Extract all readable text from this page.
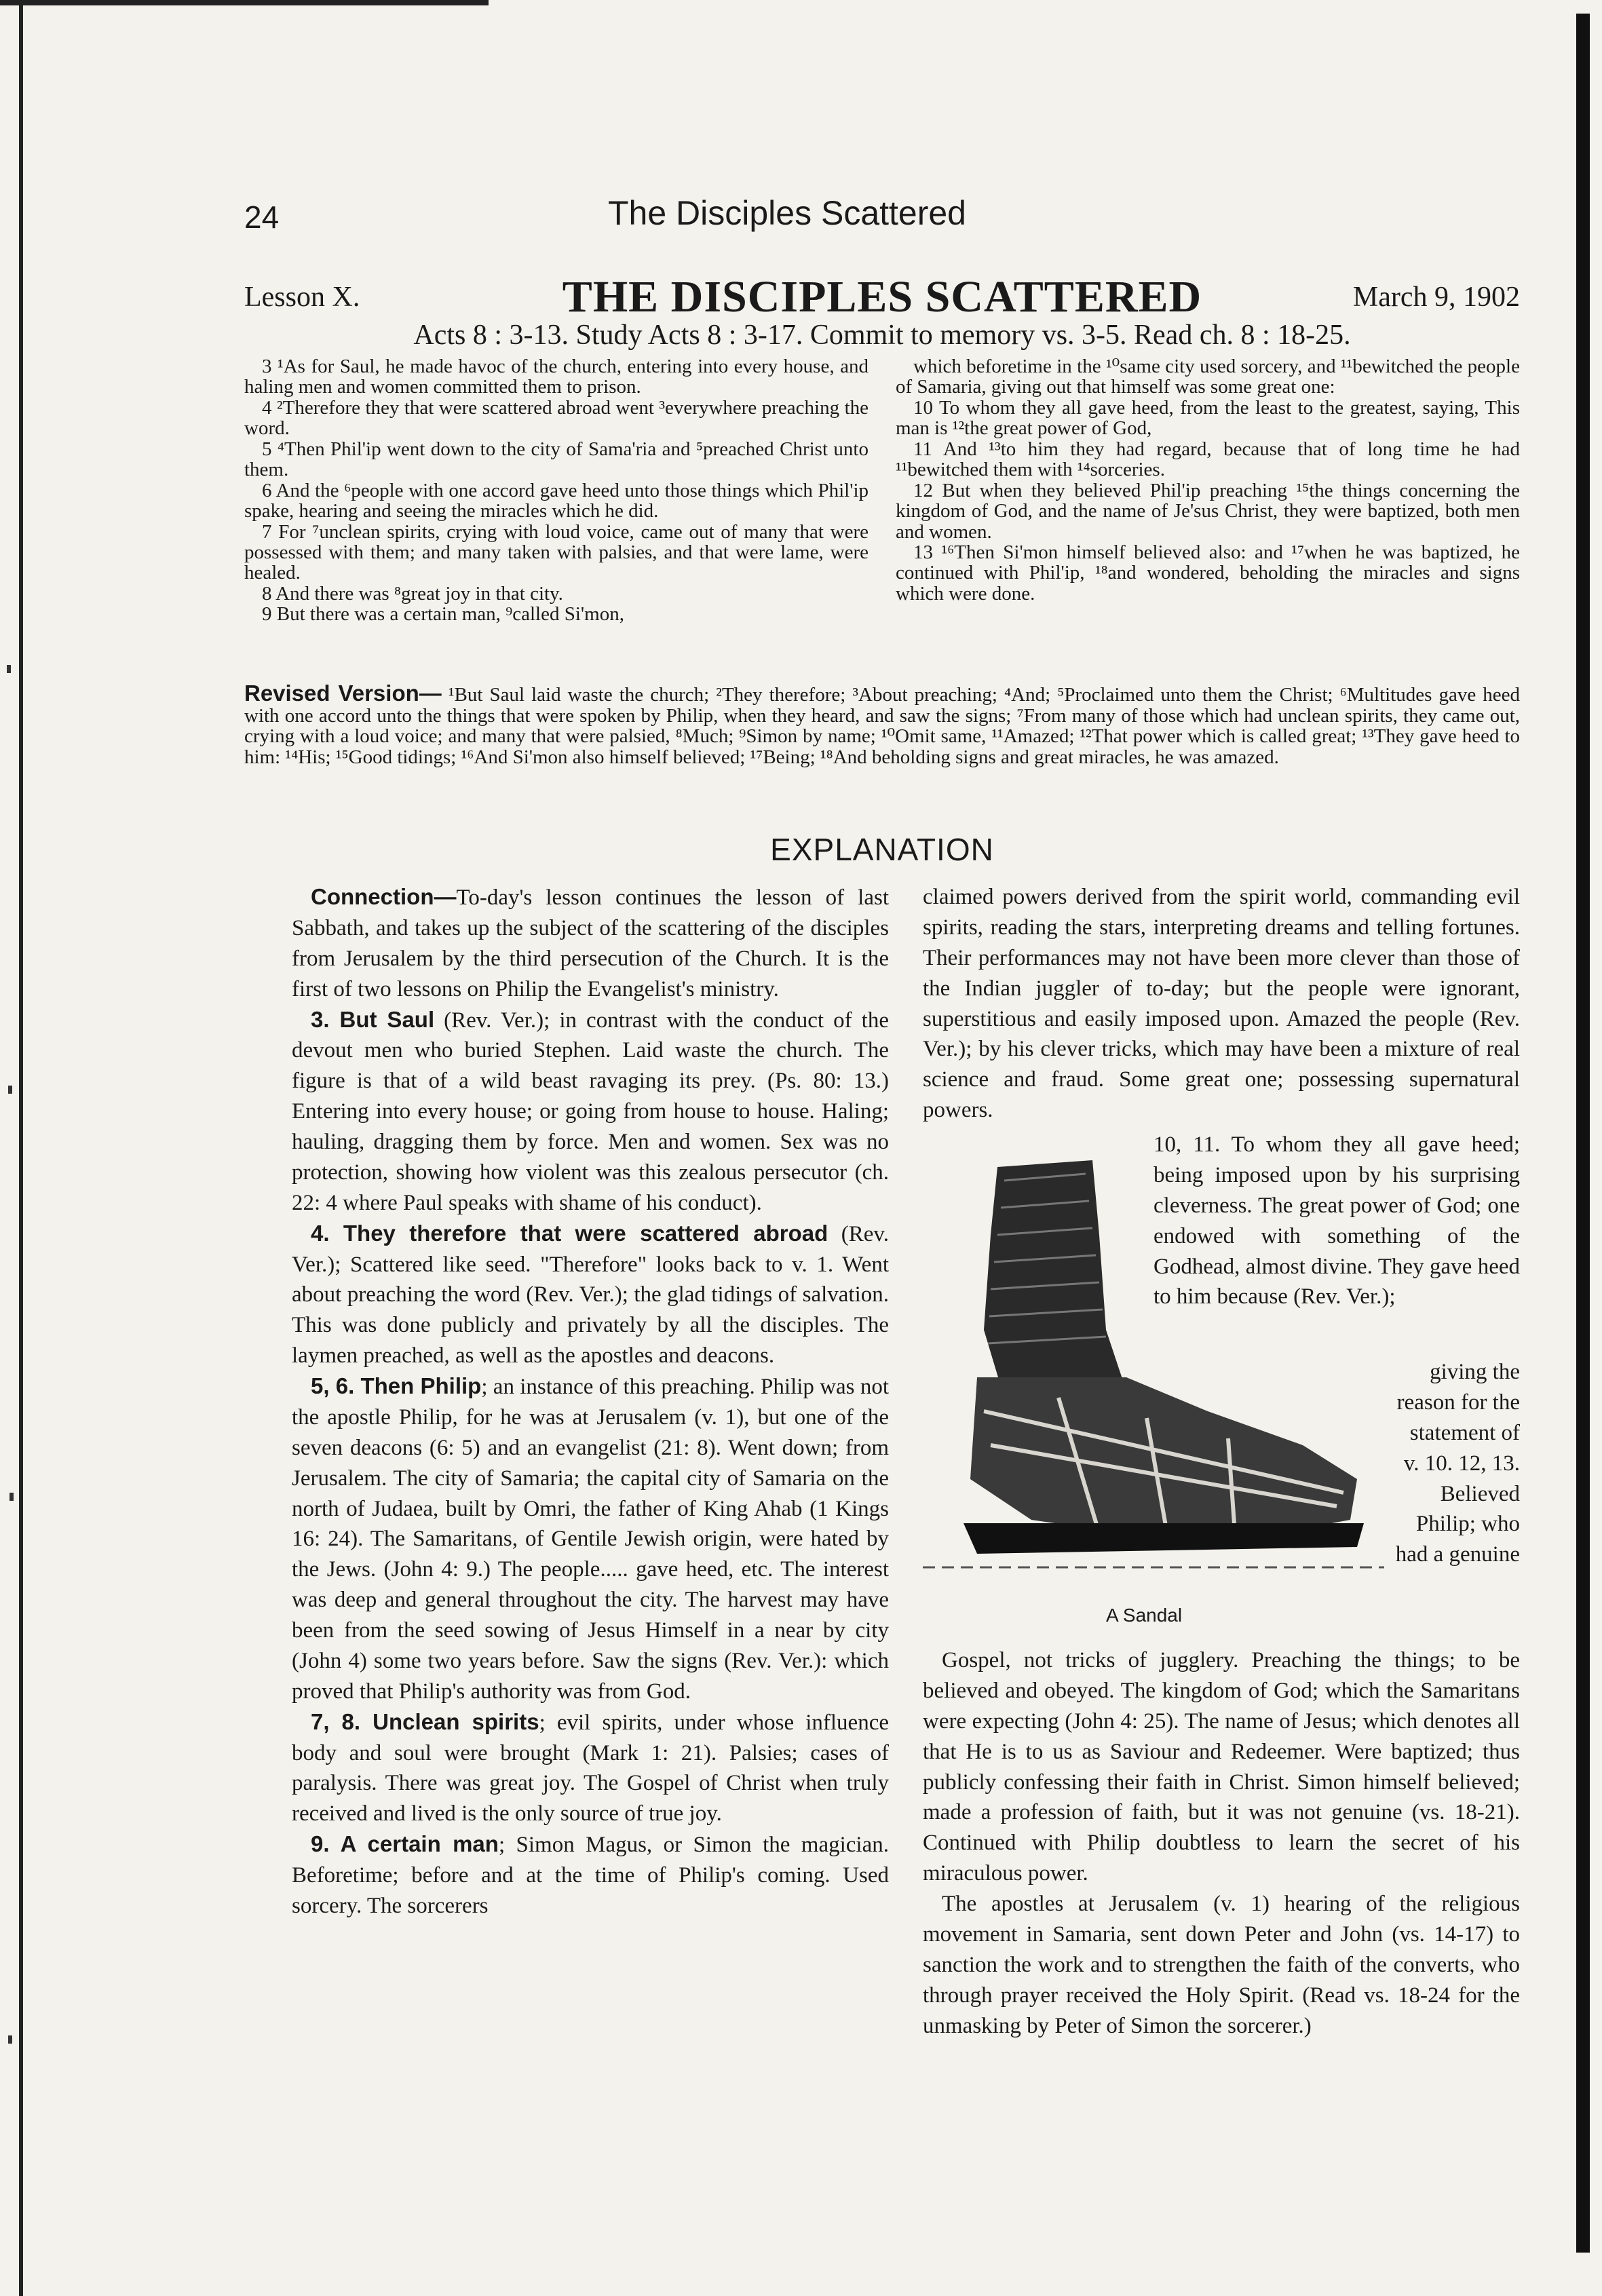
24	The Disciples Scattered
Lesson X.	THE DISCIPLES SCATTERED	March 9, 1902
Acts 8 : 3-13. Study Acts 8 : 3-17. Commit to memory vs. 3-5. Read ch. 8 : 18-25.

3 ¹As for Saul, he made havoc of the church, entering into every house, and haling men and women committed them to prison.

4 ²Therefore they that were scattered abroad went ³everywhere preaching the word.

5 ⁴Then Phil'ip went down to the city of Sama'ria and ⁵preached Christ unto them.

6 And the ⁶people with one accord gave heed unto those things which Phil'ip spake, hearing and seeing the miracles which he did.

7 For ⁷unclean spirits, crying with loud voice, came out of many that were possessed with them; and many taken with palsies, and that were lame, were healed.

8 And there was ⁸great joy in that city.

9 But there was a certain man, ⁹called Si'mon,

which beforetime in the ¹⁰same city used sorcery, and ¹¹bewitched the people of Samaria, giving out that himself was some great one:

10 To whom they all gave heed, from the least to the greatest, saying, This man is ¹²the great power of God,

11 And ¹³to him they had regard, because that of long time he had ¹¹bewitched them with ¹⁴sorceries.

12 But when they believed Phil'ip preaching ¹⁵the things concerning the kingdom of God, and the name of Je'sus Christ, they were baptized, both men and women.

13 ¹⁶Then Si'mon himself believed also: and ¹⁷when he was baptized, he continued with Phil'ip, ¹⁸and wondered, beholding the miracles and signs which were done.

Revised Version— ¹But Saul laid waste the church; ²They therefore; ³About preaching; ⁴And; ⁵Proclaimed unto them the Christ; ⁶Multitudes gave heed with one accord unto the things that were spoken by Philip, when they heard, and saw the signs; ⁷From many of those which had unclean spirits, they came out, crying with a loud voice; and many that were palsied, ⁸Much; ⁹Simon by name; ¹⁰Omit same, ¹¹Amazed; ¹²That power which is called great; ¹³They gave heed to him: ¹⁴His; ¹⁵Good tidings; ¹⁶And Si'mon also himself believed; ¹⁷Being; ¹⁸And beholding signs and great miracles, he was amazed.
EXPLANATION

Connection—To-day's lesson continues the lesson of last Sabbath, and takes up the subject of the scattering of the disciples from Jerusalem by the third persecution of the Church. It is the first of two lessons on Philip the Evangelist's ministry.

3. But Saul (Rev. Ver.); in contrast with the conduct of the devout men who buried Stephen. Laid waste the church. The figure is that of a wild beast ravaging its prey. (Ps. 80: 13.) Entering into every house; or going from house to house. Haling; hauling, dragging them by force. Men and women. Sex was no protection, showing how violent was this zealous persecutor (ch. 22: 4 where Paul speaks with shame of his conduct).

4. They therefore that were scattered abroad (Rev. Ver.); Scattered like seed. "Therefore" looks back to v. 1. Went about preaching the word (Rev. Ver.); the glad tidings of salvation. This was done publicly and privately by all the disciples. The laymen preached, as well as the apostles and deacons.

5, 6. Then Philip; an instance of this preaching. Philip was not the apostle Philip, for he was at Jerusalem (v. 1), but one of the seven deacons (6: 5) and an evangelist (21: 8). Went down; from Jerusalem. The city of Samaria; the capital city of Samaria on the north of Judaea, built by Omri, the father of King Ahab (1 Kings 16: 24). The Samaritans, of Gentile Jewish origin, were hated by the Jews. (John 4: 9.) The people..... gave heed, etc. The interest was deep and general throughout the city. The harvest may have been from the seed sowing of Jesus Himself in a near by city (John 4) some two years before. Saw the signs (Rev. Ver.): which proved that Philip's authority was from God.

7, 8. Unclean spirits; evil spirits, under whose influence body and soul were brought (Mark 1: 21). Palsies; cases of paralysis. There was great joy. The Gospel of Christ when truly received and lived is the only source of true joy.

9. A certain man; Simon Magus, or Simon the magician. Beforetime; before and at the time of Philip's coming. Used sorcery. The sorcerers

claimed powers derived from the spirit world, commanding evil spirits, reading the stars, interpreting dreams and telling fortunes. Their performances may not have been more clever than those of the Indian juggler of to-day; but the people were ignorant, superstitious and easily imposed upon. Amazed the people (Rev. Ver.); by his clever tricks, which may have been a mixture of real science and fraud. Some great one; possessing supernatural powers.

10, 11. To whom they all gave heed; being imposed upon by his surprising cleverness. The great power of God; one endowed with something of the Godhead, almost divine. They gave heed to him because (Rev. Ver.);

giving the reason for the statement of v. 10. 12, 13. Believed Philip; who had a genuine

A Sandal

Gospel, not tricks of jugglery. Preaching the things; to be believed and obeyed. The kingdom of God; which the Samaritans were expecting (John 4: 25). The name of Jesus; which denotes all that He is to us as Saviour and Redeemer. Were baptized; thus publicly confessing their faith in Christ. Simon himself believed; made a profession of faith, but it was not genuine (vs. 18-21). Continued with Philip doubtless to learn the secret of his miraculous power.

The apostles at Jerusalem (v. 1) hearing of the religious movement in Samaria, sent down Peter and John (vs. 14-17) to sanction the work and to strengthen the faith of the converts, who through prayer received the Holy Spirit. (Read vs. 18-24 for the unmasking by Peter of Simon the sorcerer.)
